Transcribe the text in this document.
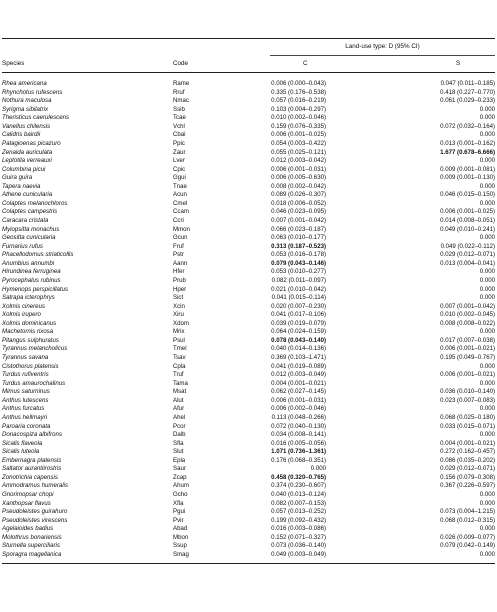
Land-use type: D (95% CI)
Species	Code	C	S
Rhea americana	Rame	0.006 (0.000–0.043)	0.047 (0.011–0.185)
Rhynchotus rufescens	Rruf	0.335 (0.176–0.538)	0.418 (0.227–0.770)
Nothura maculosa	Nmac	0.057 (0.016–0.219)	0.061 (0.029–0.233)
Syrigma sibilatrix	Ssib	0.103 (0.004–0.297)	0.000
Theristicus caerulescens	Tcae	0.010 (0.002–0.046)	0.000
Vanellus chilensis	Vchl	0.159 (0.076–0.335)	0.072 (0.032–0.164)
Calidris bairdii	Cbai	0.006 (0.001–0.025)	0.000
Patagioenas picazuro	Ppic	0.054 (0.003–0.422)	0.013 (0.001–0.162)
Zenaida auriculata	Zaur	0.055 (0.025–0.121)	1.677 (0.678–6.666)
Leptotila verreauxi	Lver	0.012 (0.003–0.042)	0.000
Columbina picui	Cpic	0.006 (0.001–0.031)	0.009 (0.001–0.081)
Guira guira	Ggui	0.006 (0.005–0.630)	0.009 (0.001–0.130)
Tapera naevia	Tnae	0.008 (0.002–0.042)	0.000
Athene cunicularia	Acun	0.089 (0.026–0.307)	0.046 (0.015–0.150)
Colaptes melanochloros	Cmel	0.018 (0.006–0.052)	0.000
Colaptes campestris	Ccam	0.046 (0.023–0.095)	0.006 (0.001–0.025)
Caracara cristata	Ccri	0.007 (0.001–0.042)	0.014 (0.008–0.051)
Myiopsitta monachus	Mmon	0.066 (0.023–0.187)	0.049 (0.010–0.241)
Geositta cunicularia	Gcun	0.063 (0.010–0.177)	0.000
Furnarius rufus	Fruf	0.313 (0.187–0.523)	0.049 (0.022–0.112)
Phacellodomus striaticollis	Pstr	0.053 (0.016–0.178)	0.029 (0.012–0.071)
Anumbius annumbi	Aann	0.079 (0.043–0.146)	0.013 (0.004–0.041)
Hirundinea ferruginea	Hfer	0.053 (0.010–0.277)	0.000
Pyrocephalus rubinus	Prub	0.082 (0.011–0.097)	0.000
Hymenops perspicillatus	Hper	0.021 (0.010–0.042)	0.000
Satrapa icterophrys	Sict	0.041 (0.015–0.114)	0.000
Xolmis cinereus	Xcin	0.020 (0.007–0.230)	0.007 (0.001–0.042)
Xolmis irupero	Xiru	0.041 (0.017–0.106)	0.010 (0.002–0.045)
Xolmis dominicanus	Xdom	0.039 (0.019–0.079)	0.008 (0.008–0.022)
Machetornis rixosa	Mrix	0.064 (0.024–0.159)	0.000
Pitangus sulphuratus	Psul	0.078 (0.043–0.140)	0.017 (0.007–0.038)
Tyrannus melancholicus	Tmel	0.040 (0.014–0.136)	0.006 (0.001–0.021)
Tyrannus savana	Tsav	0.369 (0.103–1.471)	0.195 (0.049–0.767)
Cistothorus platensis	Cpla	0.041 (0.019–0.089)	0.000
Turdus rufiventris	Truf	0.012 (0.003–0.049)	0.006 (0.001–0.021)
Turdus amaurochalinus	Tama	0.004 (0.001–0.021)	0.000
Mimus saturninus	Msat	0.062 (0.027–0.145)	0.036 (0.010–0.140)
Anthus lutescens	Alut	0.006 (0.001–0.031)	0.023 (0.007–0.083)
Anthus furcatus	Afur	0.006 (0.002–0.046)	0.000
Anthus hellmayri	Ahel	0.113 (0.048–0.266)	0.068 (0.025–0.180)
Paroaria coronata	Pcor	0.072 (0.040–0.130)	0.033 (0.015–0.071)
Donacospiza albifrons	Dalb	0.034 (0.008–0.141)	0.000
Sicalis flaveola	Sfla	0.016 (0.005–0.056)	0.004 (0.001–0.021)
Sicalis luteola	Slut	1.071 (0.736–1.361)	0.272 (0.162–0.457)
Embernagra platensis	Epla	0.176 (0.068–0.351)	0.086 (0.035–0.202)
Saltator aurantiirostris	Saur	0.000	0.029 (0.012–0.071)
Zonotrichia capensis	Zcap	0.458 (0.320–0.765)	0.156 (0.079–0.308)
Ammodramus humeralis	Ahum	0.374 (0.230–0.607)	0.367 (0.226–0.597)
Gnorimopsar chopi	Gcho	0.040 (0.013–0.124)	0.000
Xanthopsar flavus	Xfla	0.082 (0.007–0.153)	0.000
Pseudoleistes guirahuro	Pgui	0.057 (0.013–0.252)	0.073 (0.004–1.215)
Pseudoleistes virescens	Pvir	0.199 (0.092–0.432)	0.068 (0.012–0.315)
Agelaioides badius	Abad	0.016 (0.003–0.086)	0.000
Molothrus bonariensis	Mbon	0.152 (0.071–0.327)	0.026 (0.009–0.077)
Sturnella superciliaris	Ssup	0.073 (0.036–0.140)	0.079 (0.042–0.149)
Sporagra magellanica	Smag	0.049 (0.003–0.049)	0.000
